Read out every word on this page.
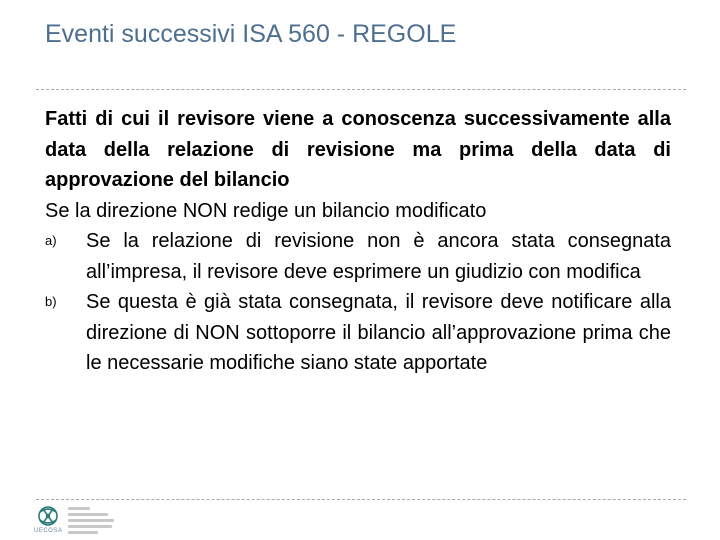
Eventi successivi ISA 560 - REGOLE

Fatti di cui il revisore viene a conoscenza successivamente alla data della relazione di revisione ma prima della data di approvazione del bilancio

Se la direzione NON redige un bilancio modificato

a)	Se la relazione di revisione non è ancora stata consegnata all’impresa, il revisore deve esprimere un giudizio con modifica

b)	Se questa è già stata consegnata, il revisore deve notificare alla direzione di NON sottoporre il bilancio all’approvazione prima che le necessarie modifiche siano state apportate

UECOSA
